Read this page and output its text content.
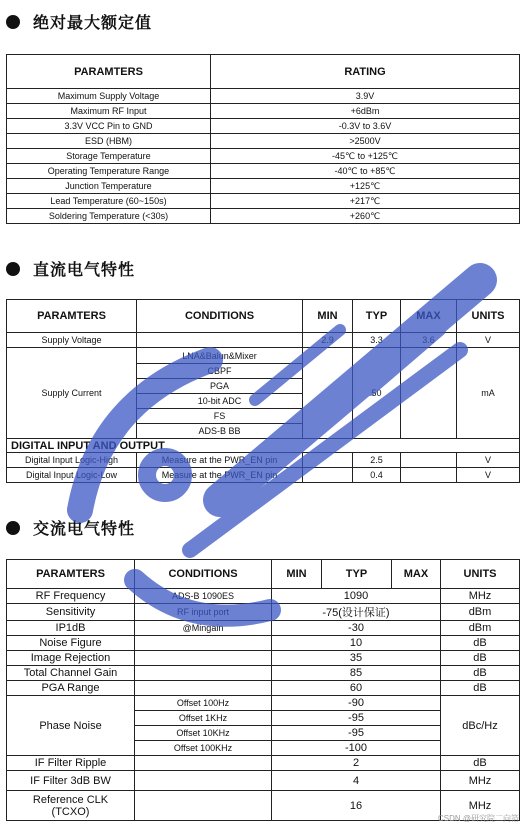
绝对最大额定值
PARAMTERS	RATING
Maximum Supply Voltage	3.9V
Maximum RF Input	+6dBm
3.3V VCC Pin to GND	-0.3V to 3.6V
ESD (HBM)	>2500V
Storage Temperature	-45℃ to +125℃
Operating Temperature Range	-40℃ to +85℃
Junction Temperature	+125℃
Lead Temperature (60~150s)	+217℃
Soldering Temperature (<30s)	+260℃
直流电气特性
PARAMTERS	CONDITIONS	MIN	TYP	MAX	UNITS
Supply Voltage		2.9	3.3	3.6	V
Supply Current	LNA&Balun&Mixer		50		mA
	CBPF				
	PGA				
	10-bit ADC				
	FS				
	ADS-B BB				
DIGITAL INPUT AND OUTPUT					
Digital Input Logic-High	Measure at the PWR_EN pin		2.5		V
Digital Input Logic-Low	Measure at the PWR_EN pin		0.4		V
交流电气特性
PARAMTERS	CONDITIONS	MIN	TYP	MAX	UNITS
RF Frequency	ADS-B 1090ES	1090			MHz
Sensitivity	RF input port	-75(设计保证)			dBm
IP1dB	@Mingain	-30			dBm
Noise Figure		10			dB
Image Rejection		35			dB
Total Channel Gain		85			dB
PGA Range		60			dB
Phase Noise	Offset 100Hz	-90			dBc/Hz
	Offset 1KHz	-95			
	Offset 10KHz	-95			
	Offset 100KHz	-100			
IF Filter Ripple		2			dB
IF Filter 3dB BW		4			MHz

Reference CLK
(TCXO)		16			MHz
CSDN @研究院二向箔
